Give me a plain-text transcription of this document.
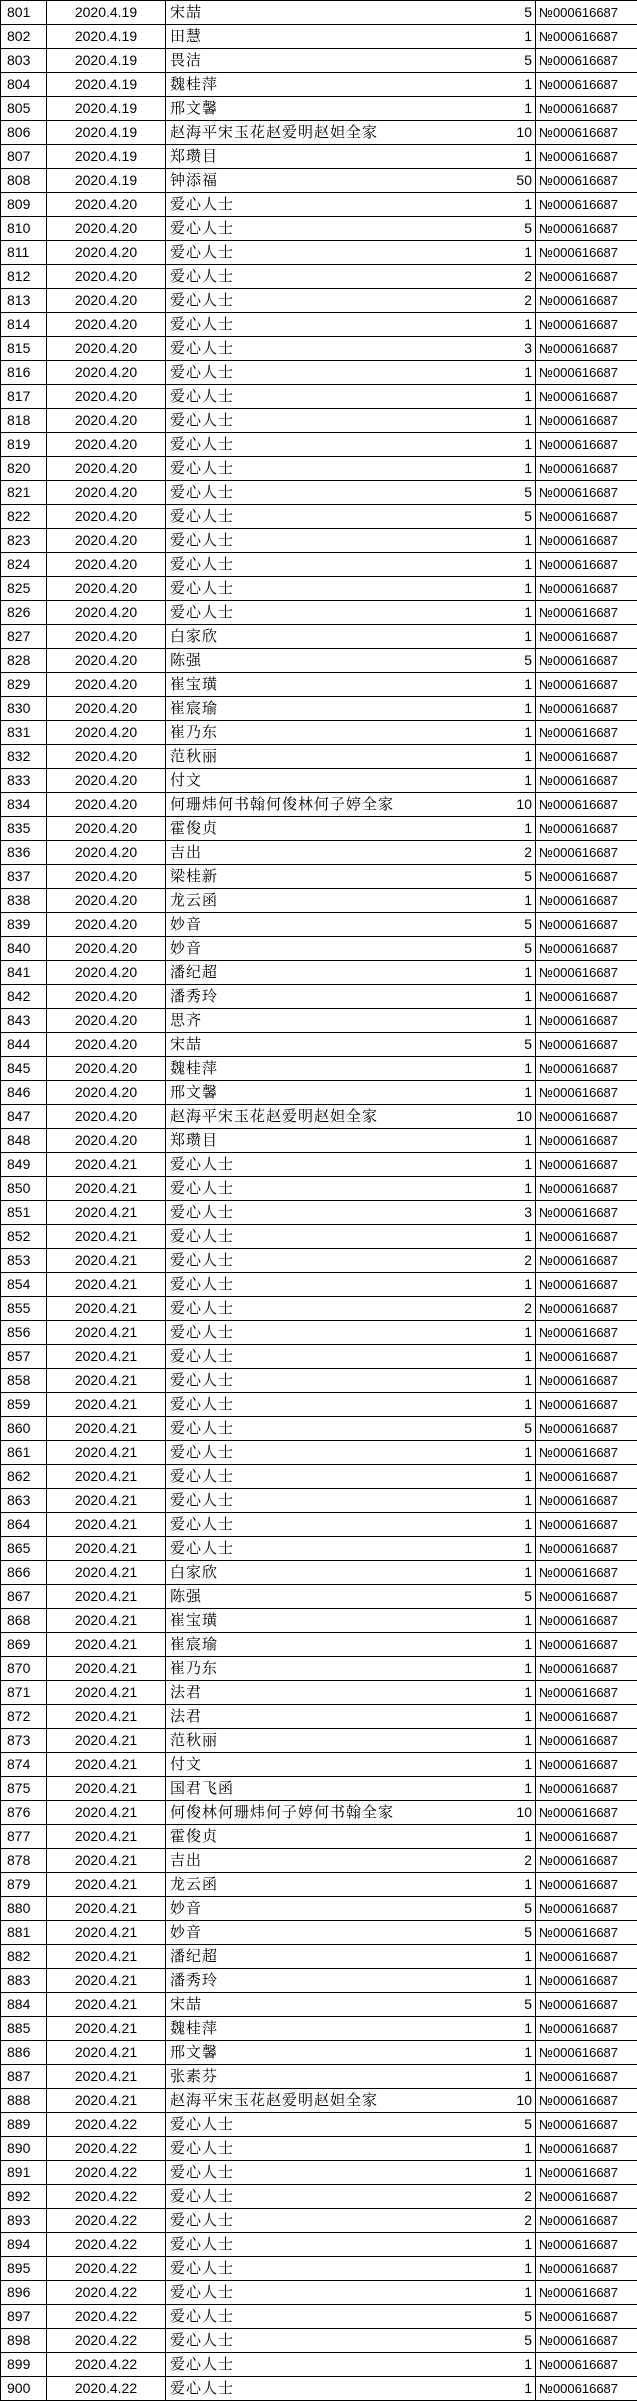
801	2020.4.19	宋喆	5	№000616687
802	2020.4.19	田慧	1	№000616687
803	2020.4.19	畏洁	5	№000616687
804	2020.4.19	魏桂萍	1	№000616687
805	2020.4.19	邢文馨	1	№000616687
806	2020.4.19	赵海平宋玉花赵爱明赵妲全家	10	№000616687
807	2020.4.19	郑瓒目	1	№000616687
808	2020.4.19	钟添福	50	№000616687
809	2020.4.20	爱心人士	1	№000616687
810	2020.4.20	爱心人士	5	№000616687
811	2020.4.20	爱心人士	1	№000616687
812	2020.4.20	爱心人士	2	№000616687
813	2020.4.20	爱心人士	2	№000616687
814	2020.4.20	爱心人士	1	№000616687
815	2020.4.20	爱心人士	3	№000616687
816	2020.4.20	爱心人士	1	№000616687
817	2020.4.20	爱心人士	1	№000616687
818	2020.4.20	爱心人士	1	№000616687
819	2020.4.20	爱心人士	1	№000616687
820	2020.4.20	爱心人士	1	№000616687
821	2020.4.20	爱心人士	5	№000616687
822	2020.4.20	爱心人士	5	№000616687
823	2020.4.20	爱心人士	1	№000616687
824	2020.4.20	爱心人士	1	№000616687
825	2020.4.20	爱心人士	1	№000616687
826	2020.4.20	爱心人士	1	№000616687
827	2020.4.20	白家欣	1	№000616687
828	2020.4.20	陈强	5	№000616687
829	2020.4.20	崔宝璜	1	№000616687
830	2020.4.20	崔宸瑜	1	№000616687
831	2020.4.20	崔乃东	1	№000616687
832	2020.4.20	范秋丽	1	№000616687
833	2020.4.20	付文	1	№000616687
834	2020.4.20	何珊炜何书翰何俊林何子婷全家	10	№000616687
835	2020.4.20	霍俊贞	1	№000616687
836	2020.4.20	吉出	2	№000616687
837	2020.4.20	梁桂新	5	№000616687
838	2020.4.20	龙云函	1	№000616687
839	2020.4.20	妙音	5	№000616687
840	2020.4.20	妙音	5	№000616687
841	2020.4.20	潘纪超	1	№000616687
842	2020.4.20	潘秀玲	1	№000616687
843	2020.4.20	思齐	1	№000616687
844	2020.4.20	宋喆	5	№000616687
845	2020.4.20	魏桂萍	1	№000616687
846	2020.4.20	邢文馨	1	№000616687
847	2020.4.20	赵海平宋玉花赵爱明赵妲全家	10	№000616687
848	2020.4.20	郑瓒目	1	№000616687
849	2020.4.21	爱心人士	1	№000616687
850	2020.4.21	爱心人士	1	№000616687
851	2020.4.21	爱心人士	3	№000616687
852	2020.4.21	爱心人士	1	№000616687
853	2020.4.21	爱心人士	2	№000616687
854	2020.4.21	爱心人士	1	№000616687
855	2020.4.21	爱心人士	2	№000616687
856	2020.4.21	爱心人士	1	№000616687
857	2020.4.21	爱心人士	1	№000616687
858	2020.4.21	爱心人士	1	№000616687
859	2020.4.21	爱心人士	1	№000616687
860	2020.4.21	爱心人士	5	№000616687
861	2020.4.21	爱心人士	1	№000616687
862	2020.4.21	爱心人士	1	№000616687
863	2020.4.21	爱心人士	1	№000616687
864	2020.4.21	爱心人士	1	№000616687
865	2020.4.21	爱心人士	1	№000616687
866	2020.4.21	白家欣	1	№000616687
867	2020.4.21	陈强	5	№000616687
868	2020.4.21	崔宝璜	1	№000616687
869	2020.4.21	崔宸瑜	1	№000616687
870	2020.4.21	崔乃东	1	№000616687
871	2020.4.21	法君	1	№000616687
872	2020.4.21	法君	1	№000616687
873	2020.4.21	范秋丽	1	№000616687
874	2020.4.21	付文	1	№000616687
875	2020.4.21	国君飞函	1	№000616687
876	2020.4.21	何俊林何珊炜何子婷何书翰全家	10	№000616687
877	2020.4.21	霍俊贞	1	№000616687
878	2020.4.21	吉出	2	№000616687
879	2020.4.21	龙云函	1	№000616687
880	2020.4.21	妙音	5	№000616687
881	2020.4.21	妙音	5	№000616687
882	2020.4.21	潘纪超	1	№000616687
883	2020.4.21	潘秀玲	1	№000616687
884	2020.4.21	宋喆	5	№000616687
885	2020.4.21	魏桂萍	1	№000616687
886	2020.4.21	邢文馨	1	№000616687
887	2020.4.21	张素芬	1	№000616687
888	2020.4.21	赵海平宋玉花赵爱明赵妲全家	10	№000616687
889	2020.4.22	爱心人士	5	№000616687
890	2020.4.22	爱心人士	1	№000616687
891	2020.4.22	爱心人士	1	№000616687
892	2020.4.22	爱心人士	2	№000616687
893	2020.4.22	爱心人士	2	№000616687
894	2020.4.22	爱心人士	1	№000616687
895	2020.4.22	爱心人士	1	№000616687
896	2020.4.22	爱心人士	1	№000616687
897	2020.4.22	爱心人士	5	№000616687
898	2020.4.22	爱心人士	5	№000616687
899	2020.4.22	爱心人士	1	№000616687
900	2020.4.22	爱心人士	1	№000616687
